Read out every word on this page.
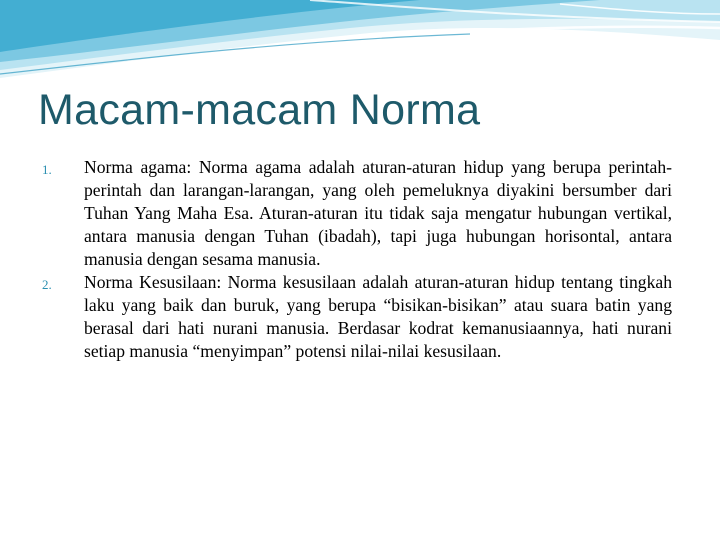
Macam-macam Norma
1. Norma agama: Norma agama adalah aturan-aturan hidup yang berupa perintah-perintah dan larangan-larangan, yang oleh pemeluknya diyakini bersumber dari Tuhan Yang Maha Esa. Aturan-aturan itu tidak saja mengatur hubungan vertikal, antara manusia dengan Tuhan (ibadah), tapi juga hubungan horisontal, antara manusia dengan sesama manusia.
2. Norma Kesusilaan: Norma kesusilaan adalah aturan-aturan hidup tentang tingkah laku yang baik dan buruk, yang berupa “bisikan-bisikan” atau suara batin yang berasal dari hati nurani manusia. Berdasar kodrat kemanusiaannya, hati nurani setiap manusia “menyimpan” potensi nilai-nilai kesusilaan.
